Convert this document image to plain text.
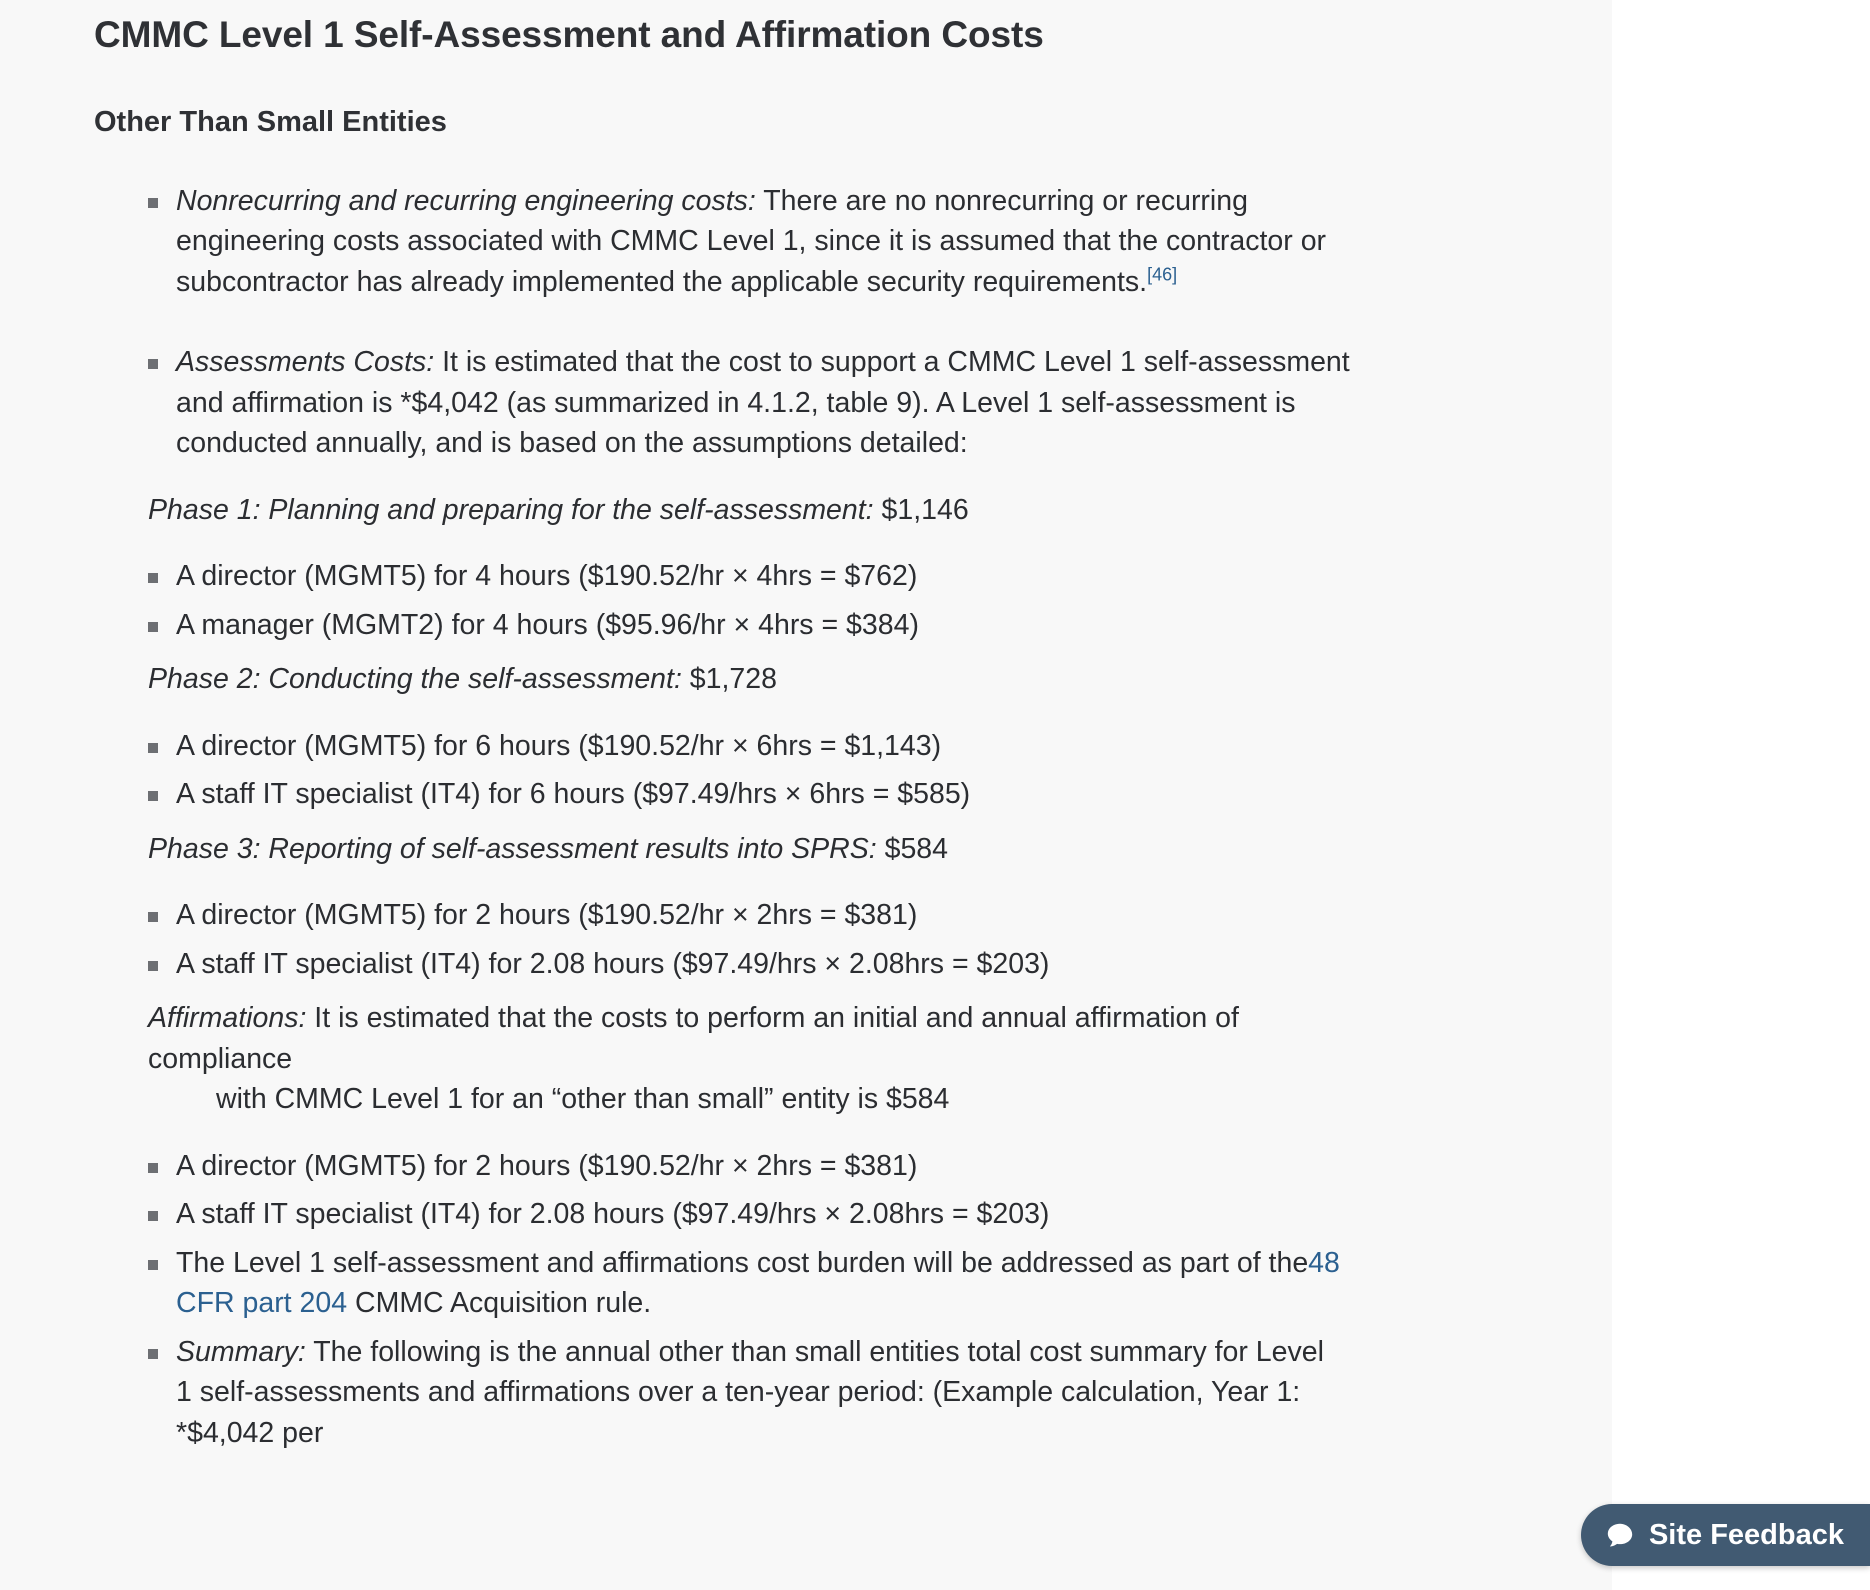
CMMC Level 1 Self-Assessment and Affirmation Costs
Other Than Small Entities
Nonrecurring and recurring engineering costs: There are no nonrecurring or recurring engineering costs associated with CMMC Level 1, since it is assumed that the contractor or subcontractor has already implemented the applicable security requirements.[46]
Assessments Costs: It is estimated that the cost to support a CMMC Level 1 self-assessment and affirmation is *$4,042 (as summarized in 4.1.2, table 9). A Level 1 self-assessment is conducted annually, and is based on the assumptions detailed:
Phase 1: Planning and preparing for the self-assessment: $1,146
A director (MGMT5) for 4 hours ($190.52/hr × 4hrs = $762)
A manager (MGMT2) for 4 hours ($95.96/hr × 4hrs = $384)
Phase 2: Conducting the self-assessment: $1,728
A director (MGMT5) for 6 hours ($190.52/hr × 6hrs = $1,143)
A staff IT specialist (IT4) for 6 hours ($97.49/hrs × 6hrs = $585)
Phase 3: Reporting of self-assessment results into SPRS: $584
A director (MGMT5) for 2 hours ($190.52/hr × 2hrs = $381)
A staff IT specialist (IT4) for 2.08 hours ($97.49/hrs × 2.08hrs = $203)
Affirmations: It is estimated that the costs to perform an initial and annual affirmation of compliance
with CMMC Level 1 for an “other than small” entity is $584
A director (MGMT5) for 2 hours ($190.52/hr × 2hrs = $381)
A staff IT specialist (IT4) for 2.08 hours ($97.49/hrs × 2.08hrs = $203)
The Level 1 self-assessment and affirmations cost burden will be addressed as part of the48 CFR part 204 CMMC Acquisition rule.
Summary: The following is the annual other than small entities total cost summary for Level 1 self-assessments and affirmations over a ten-year period: (Example calculation, Year 1: *$4,042 per
Site Feedback
